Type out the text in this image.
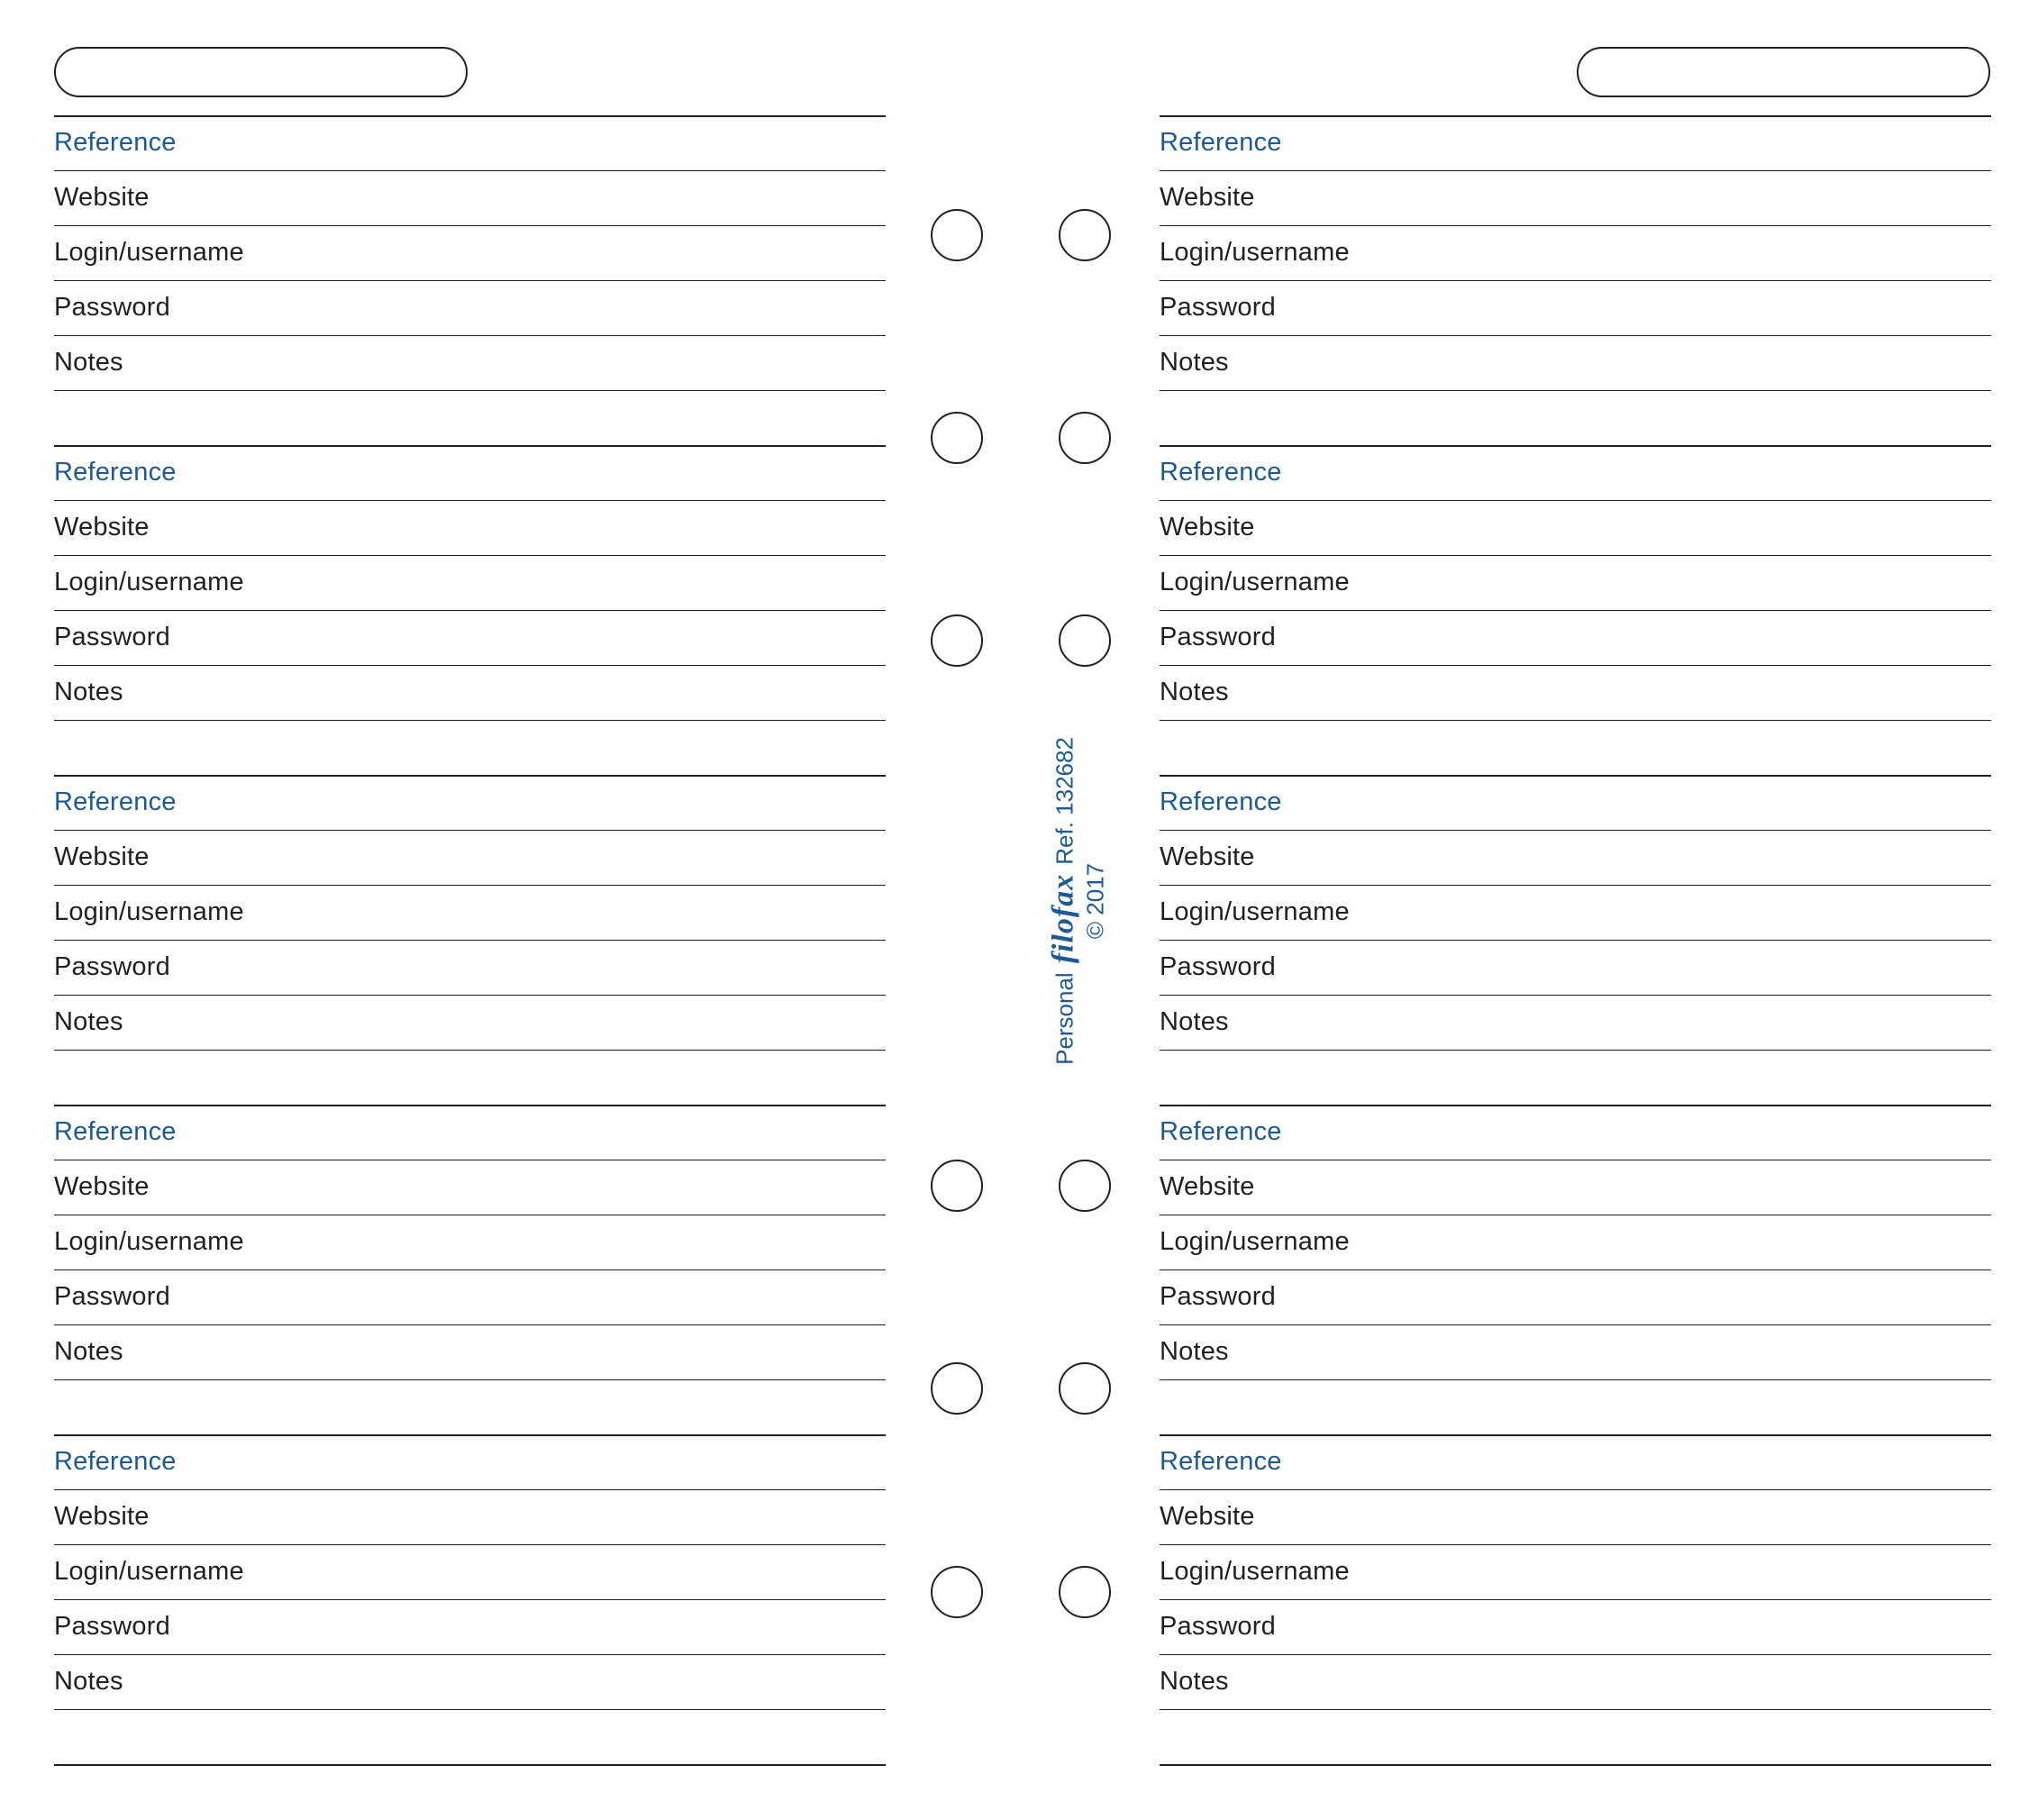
Reference
Website
Login/username
Password
Notes
Reference
Website
Login/username
Password
Notes
Reference
Website
Login/username
Password
Notes
Reference
Website
Login/username
Password
Notes
Reference
Website
Login/username
Password
Notes
Reference
Website
Login/username
Password
Notes
Reference
Website
Login/username
Password
Notes
Reference
Website
Login/username
Password
Notes
Reference
Website
Login/username
Password
Notes
Reference
Website
Login/username
Password
Notes
PersonalfilofaxRef. 132682
© 2017
